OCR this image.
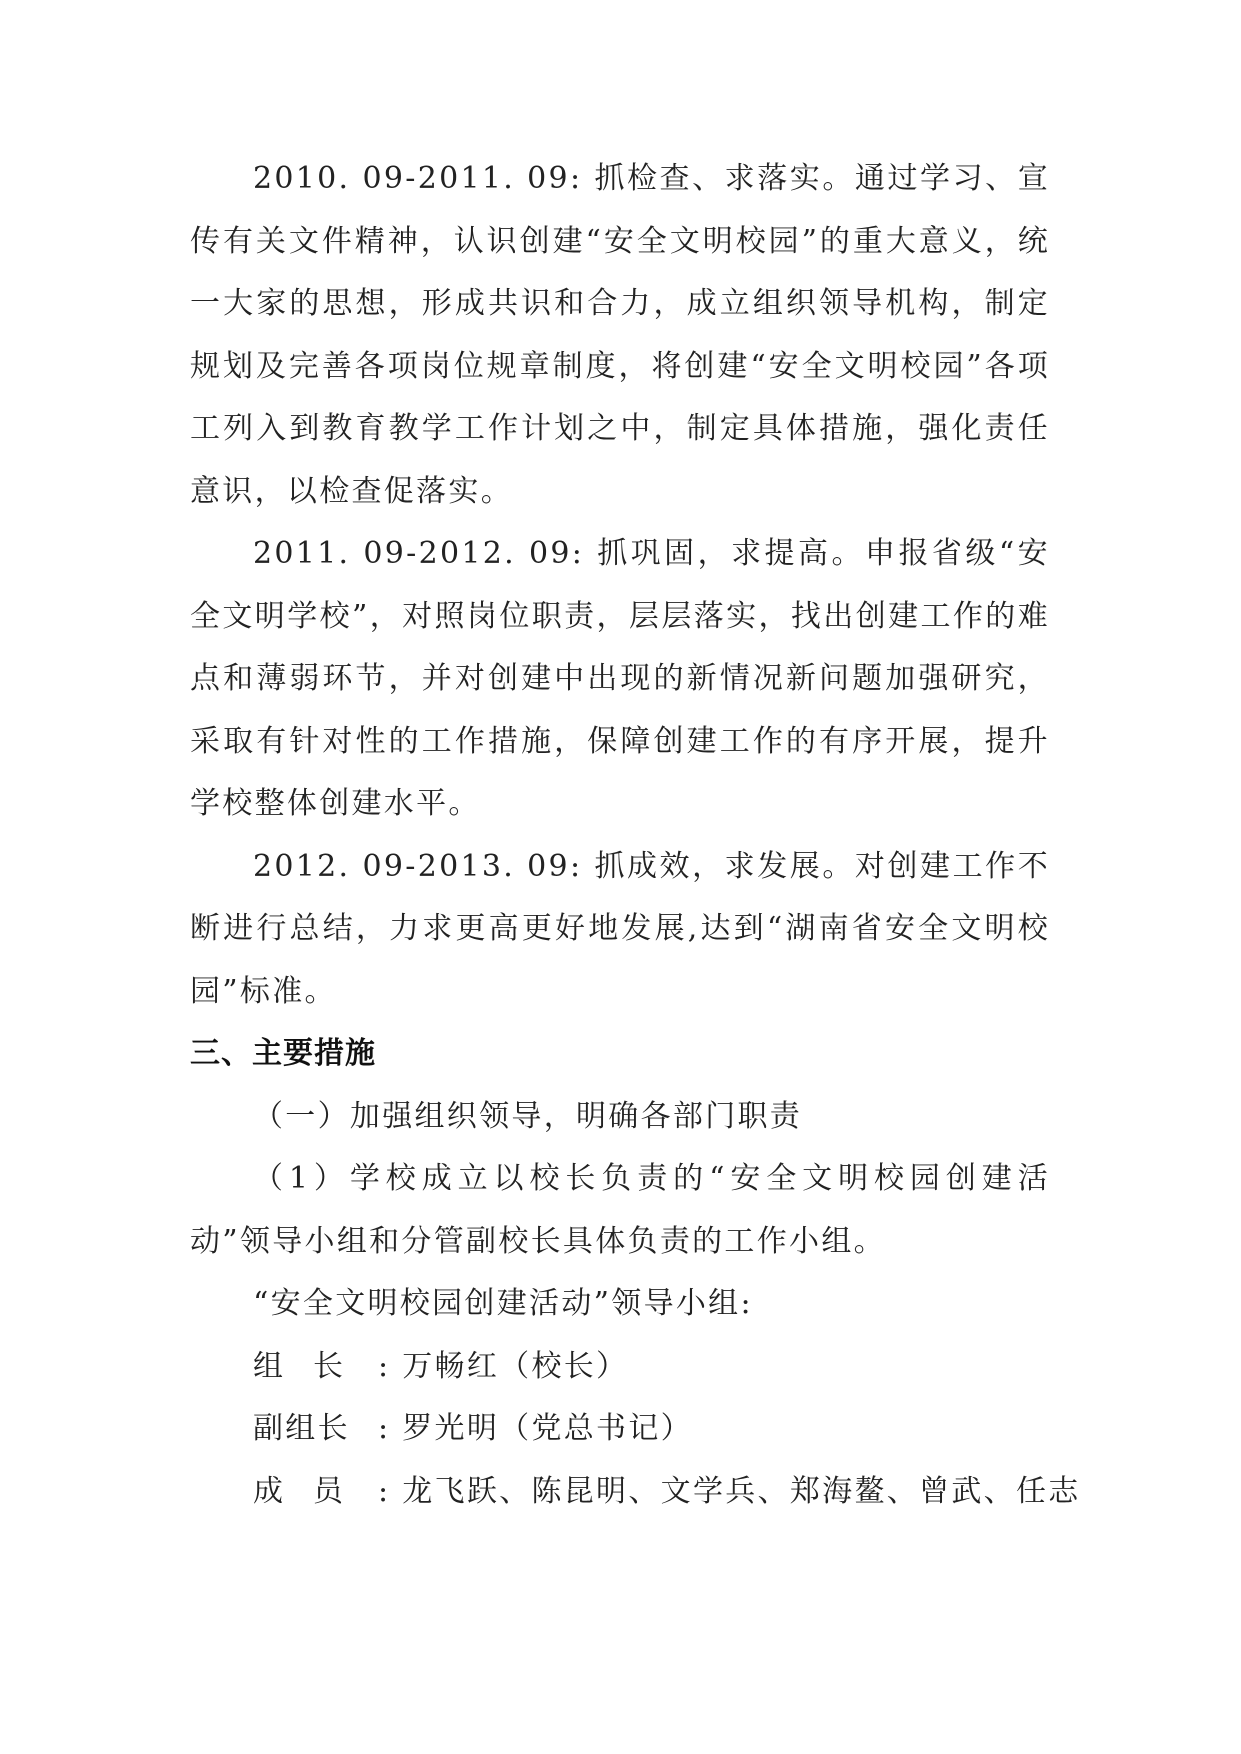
2010. 09-2011. 09: 抓检查、求落实。通过学习、宣传有关文件精神，认识创建“安全文明校园”的重大意义，统一大家的思想，形成共识和合力，成立组织领导机构，制定规划及完善各项岗位规章制度，将创建“安全文明校园”各项工列入到教育教学工作计划之中，制定具体措施，强化责任意识，以检查促落实。

2011. 09-2012. 09: 抓巩固，求提高。申报省级“安全文明学校”，对照岗位职责，层层落实，找出创建工作的难点和薄弱环节，并对创建中出现的新情况新问题加强研究，采取有针对性的工作措施，保障创建工作的有序开展，提升学校整体创建水平。

2012. 09-2013. 09: 抓成效，求发展。对创建工作不断进行总结，力求更高更好地发展,达到“湖南省安全文明校园”标准。

三、主要措施

（一）加强组织领导，明确各部门职责

（1）学校成立以校长负责的“安全文明校园创建活动”领导小组和分管副校长具体负责的工作小组。

“安全文明校园创建活动”领导小组:

组长 : 万畅红（校长）

副组长 : 罗光明（党总书记）

成员 : 龙飞跃、陈昆明、文学兵、郑海鳌、曾武、任志
